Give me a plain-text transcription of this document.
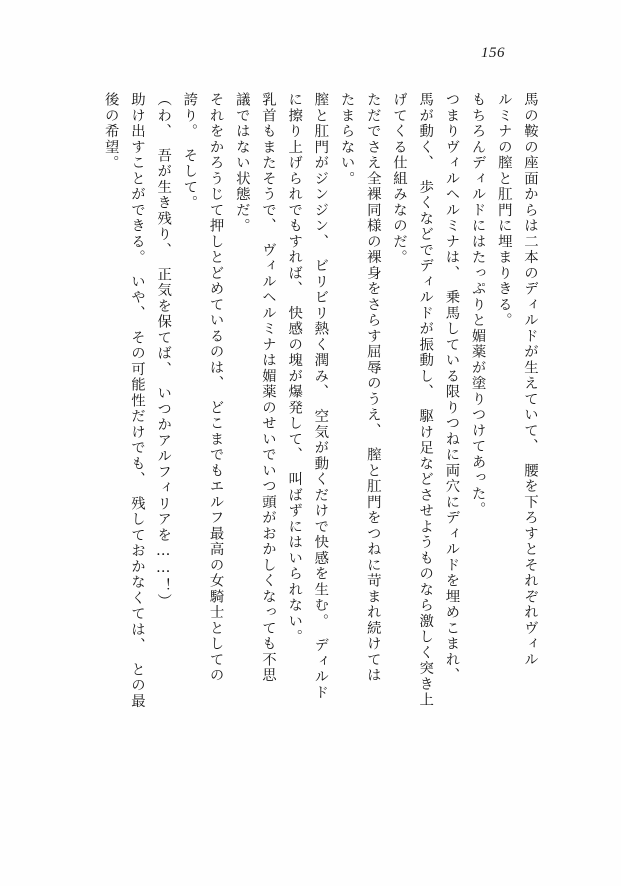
156
馬の鞍の座面からは二本のディルドが生えていて、　腰を下ろすとそれぞれヴィル
ルミナの膣と肛門に埋まりきる。
もちろんディルドにはたっぷりと媚薬が塗りつけてあった。
つまりヴィルヘルミナは、　乗馬している限りつねに両穴にディルドを埋めこまれ、
馬が動く、　歩くなどでディルドが振動し、　駆け足などさせようものなら激しく突き上
げてくる仕組みなのだ。
ただでさえ全裸同様の裸身をさらす屈辱のうえ、　膣と肛門をつねに苛まれ続けては
たまらない。
膣と肛門がジンジン、　ビリビリ熱く潤み、　空気が動くだけで快感を生む。　ディルド
に擦り上げられでもすれば、　快感の塊が爆発して、　叫ばずにはいられない。
乳首もまたそうで、　ヴィルヘルミナは媚薬のせいでいつ頭がおかしくなっても不思
議ではない状態だ。
それをかろうじて押しとどめているのは、　どこまでもエルフ最高の女騎士としての
誇り。　そして。
（わ、　吾が生き残り、　正気を保てば、　いつかアルフィリアを……！）
助け出すことができる。　いや、　その可能性だけでも、　残しておかなくては、　との最
後の希望。
